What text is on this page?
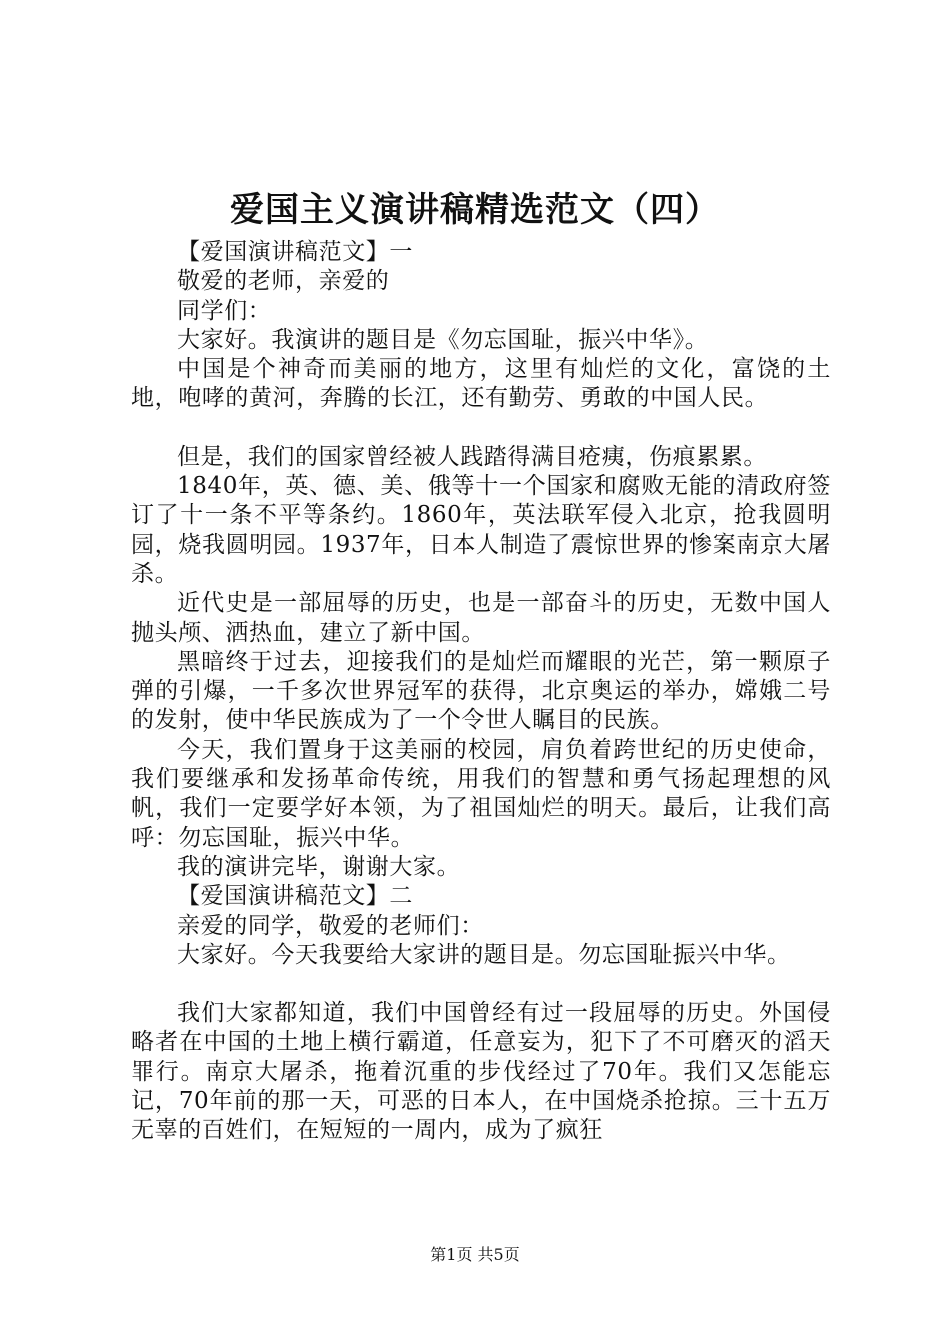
爱国主义演讲稿精选范文（四）

【爱国演讲稿范文】一

敬爱的老师，亲爱的

同学们：

大家好。我演讲的题目是《勿忘国耻，振兴中华》。

中国是个神奇而美丽的地方，这里有灿烂的文化，富饶的土地，咆哮的黄河，奔腾的长江，还有勤劳、勇敢的中国人民。

但是，我们的国家曾经被人践踏得满目疮痍，伤痕累累。

1840年，英、德、美、俄等十一个国家和腐败无能的清政府签订了十一条不平等条约。1860年，英法联军侵入北京，抢我圆明园，烧我圆明园。1937年，日本人制造了震惊世界的惨案南京大屠杀。

近代史是一部屈辱的历史，也是一部奋斗的历史，无数中国人抛头颅、洒热血，建立了新中国。

黑暗终于过去，迎接我们的是灿烂而耀眼的光芒，第一颗原子弹的引爆，一千多次世界冠军的获得，北京奥运的举办，嫦娥二号的发射，使中华民族成为了一个令世人瞩目的民族。

今天，我们置身于这美丽的校园，肩负着跨世纪的历史使命，我们要继承和发扬革命传统，用我们的智慧和勇气扬起理想的风帆，我们一定要学好本领，为了祖国灿烂的明天。最后，让我们高呼：勿忘国耻，振兴中华。

我的演讲完毕，谢谢大家。

【爱国演讲稿范文】二

亲爱的同学，敬爱的老师们：

大家好。今天我要给大家讲的题目是。勿忘国耻振兴中华。

我们大家都知道，我们中国曾经有过一段屈辱的历史。外国侵略者在中国的土地上横行霸道，任意妄为，犯下了不可磨灭的滔天罪行。南京大屠杀，拖着沉重的步伐经过了70年。我们又怎能忘记，70年前的那一天，可恶的日本人，在中国烧杀抢掠。三十五万无辜的百姓们，在短短的一周内，成为了疯狂

第1页 共5页
